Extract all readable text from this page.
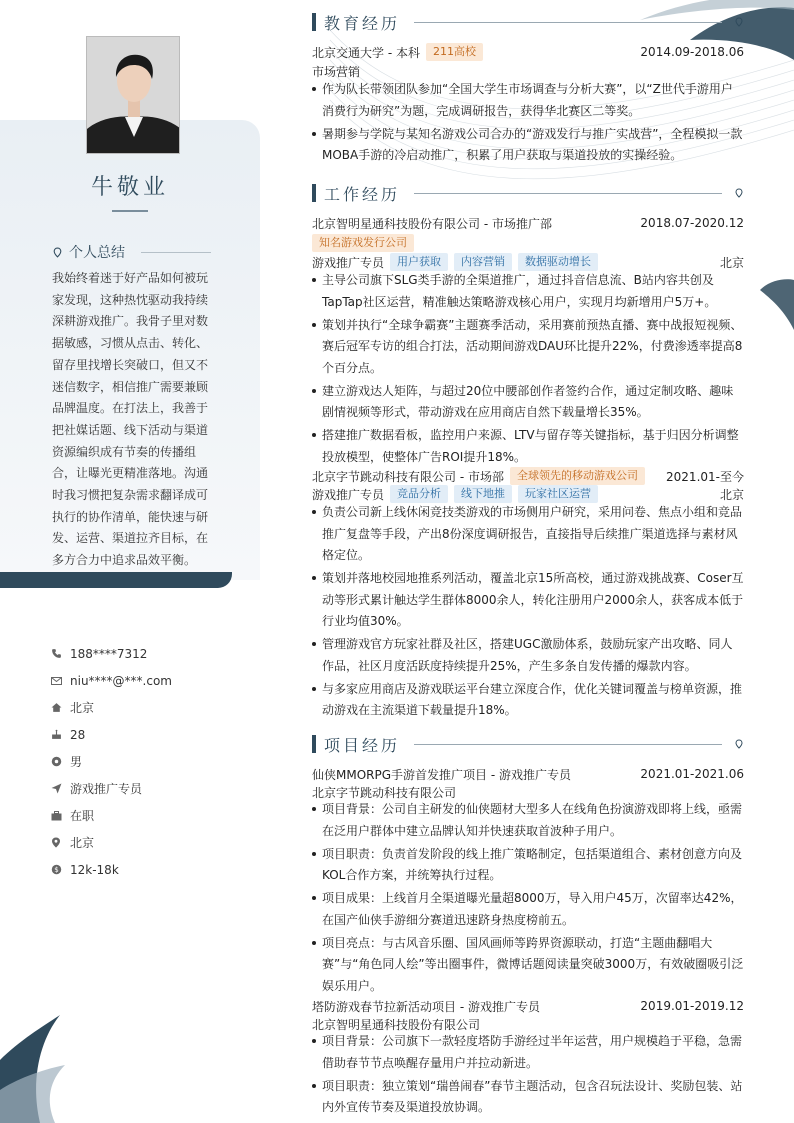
牛敬业
个人总结
我始终着迷于好产品如何被玩家发现，这种热忱驱动我持续深耕游戏推广。我骨子里对数据敏感，习惯从点击、转化、留存里找增长突破口，但又不迷信数字，相信推广需要兼顾品牌温度。在打法上，我善于把社媒话题、线下活动与渠道资源编织成有节奏的传播组合，让曝光更精准落地。沟通时我习惯把复杂需求翻译成可执行的协作清单，能快速与研发、运营、渠道拉齐目标，在多方合力中追求品效平衡。
188****7312
niu****@***.com
北京
28
男
游戏推广专员
在职
北京
$ 12k-18k
教育经历
北京交通大学 - 本科	211高校	2014.09-2018.06
市场营销
作为队长带领团队参加“全国大学生市场调查与分析大赛”，以“Z世代手游用户消费行为研究”为题，完成调研报告，获得华北赛区二等奖。
暑期参与学院与某知名游戏公司合办的“游戏发行与推广实战营”，全程模拟一款MOBA手游的冷启动推广，积累了用户获取与渠道投放的实操经验。
工作经历
北京智明星通科技股份有限公司 - 市场推广部	2018.07-2020.12
知名游戏发行公司
游戏推广专员	用户获取	内容营销	数据驱动增长	北京
主导公司旗下SLG类手游的全渠道推广，通过抖音信息流、B站内容共创及TapTap社区运营，精准触达策略游戏核心用户，实现月均新增用户5万+。
策划并执行“全球争霸赛”主题赛季活动，采用赛前预热直播、赛中战报短视频、赛后冠军专访的组合打法，活动期间游戏DAU环比提升22%，付费渗透率提高8个百分点。
建立游戏达人矩阵，与超过20位中腰部创作者签约合作，通过定制攻略、趣味剧情视频等形式，带动游戏在应用商店自然下载量增长35%。
搭建推广数据看板，监控用户来源、LTV与留存等关键指标，基于归因分析调整投放模型，使整体广告ROI提升18%。
北京字节跳动科技有限公司 - 市场部	全球领先的移动游戏公司	2021.01-至今
游戏推广专员	竞品分析	线下地推	玩家社区运营	北京
负责公司新上线休闲竞技类游戏的市场侧用户研究，采用问卷、焦点小组和竞品推广复盘等手段，产出8份深度调研报告，直接指导后续推广渠道选择与素材风格定位。
策划并落地校园地推系列活动，覆盖北京15所高校，通过游戏挑战赛、Coser互动等形式累计触达学生群体8000余人，转化注册用户2000余人，获客成本低于行业均值30%。
管理游戏官方玩家社群及社区，搭建UGC激励体系，鼓励玩家产出攻略、同人作品，社区月度活跃度持续提升25%，产生多条自发传播的爆款内容。
与多家应用商店及游戏联运平台建立深度合作，优化关键词覆盖与榜单资源，推动游戏在主流渠道下载量提升18%。
项目经历
仙侠MMORPG手游首发推广项目 - 游戏推广专员	2021.01-2021.06
北京字节跳动科技有限公司
项目背景：公司自主研发的仙侠题材大型多人在线角色扮演游戏即将上线，亟需在泛用户群体中建立品牌认知并快速获取首波种子用户。
项目职责：负责首发阶段的线上推广策略制定，包括渠道组合、素材创意方向及KOL合作方案，并统筹执行过程。
项目成果：上线首月全渠道曝光量超8000万，导入用户45万，次留率达42%，在国产仙侠手游细分赛道迅速跻身热度榜前五。
项目亮点：与古风音乐圈、国风画师等跨界资源联动，打造“主题曲翻唱大赛”与“角色同人绘”等出圈事件，微博话题阅读量突破3000万，有效破圈吸引泛娱乐用户。
塔防游戏春节拉新活动项目 - 游戏推广专员	2019.01-2019.12
北京智明星通科技股份有限公司
项目背景：公司旗下一款轻度塔防手游经过半年运营，用户规模趋于平稳，急需借助春节节点唤醒存量用户并拉动新进。
项目职责：独立策划“瑞兽闹春”春节主题活动，包含召玩法设计、奖励包装、站内外宣传节奏及渠道投放协调。
